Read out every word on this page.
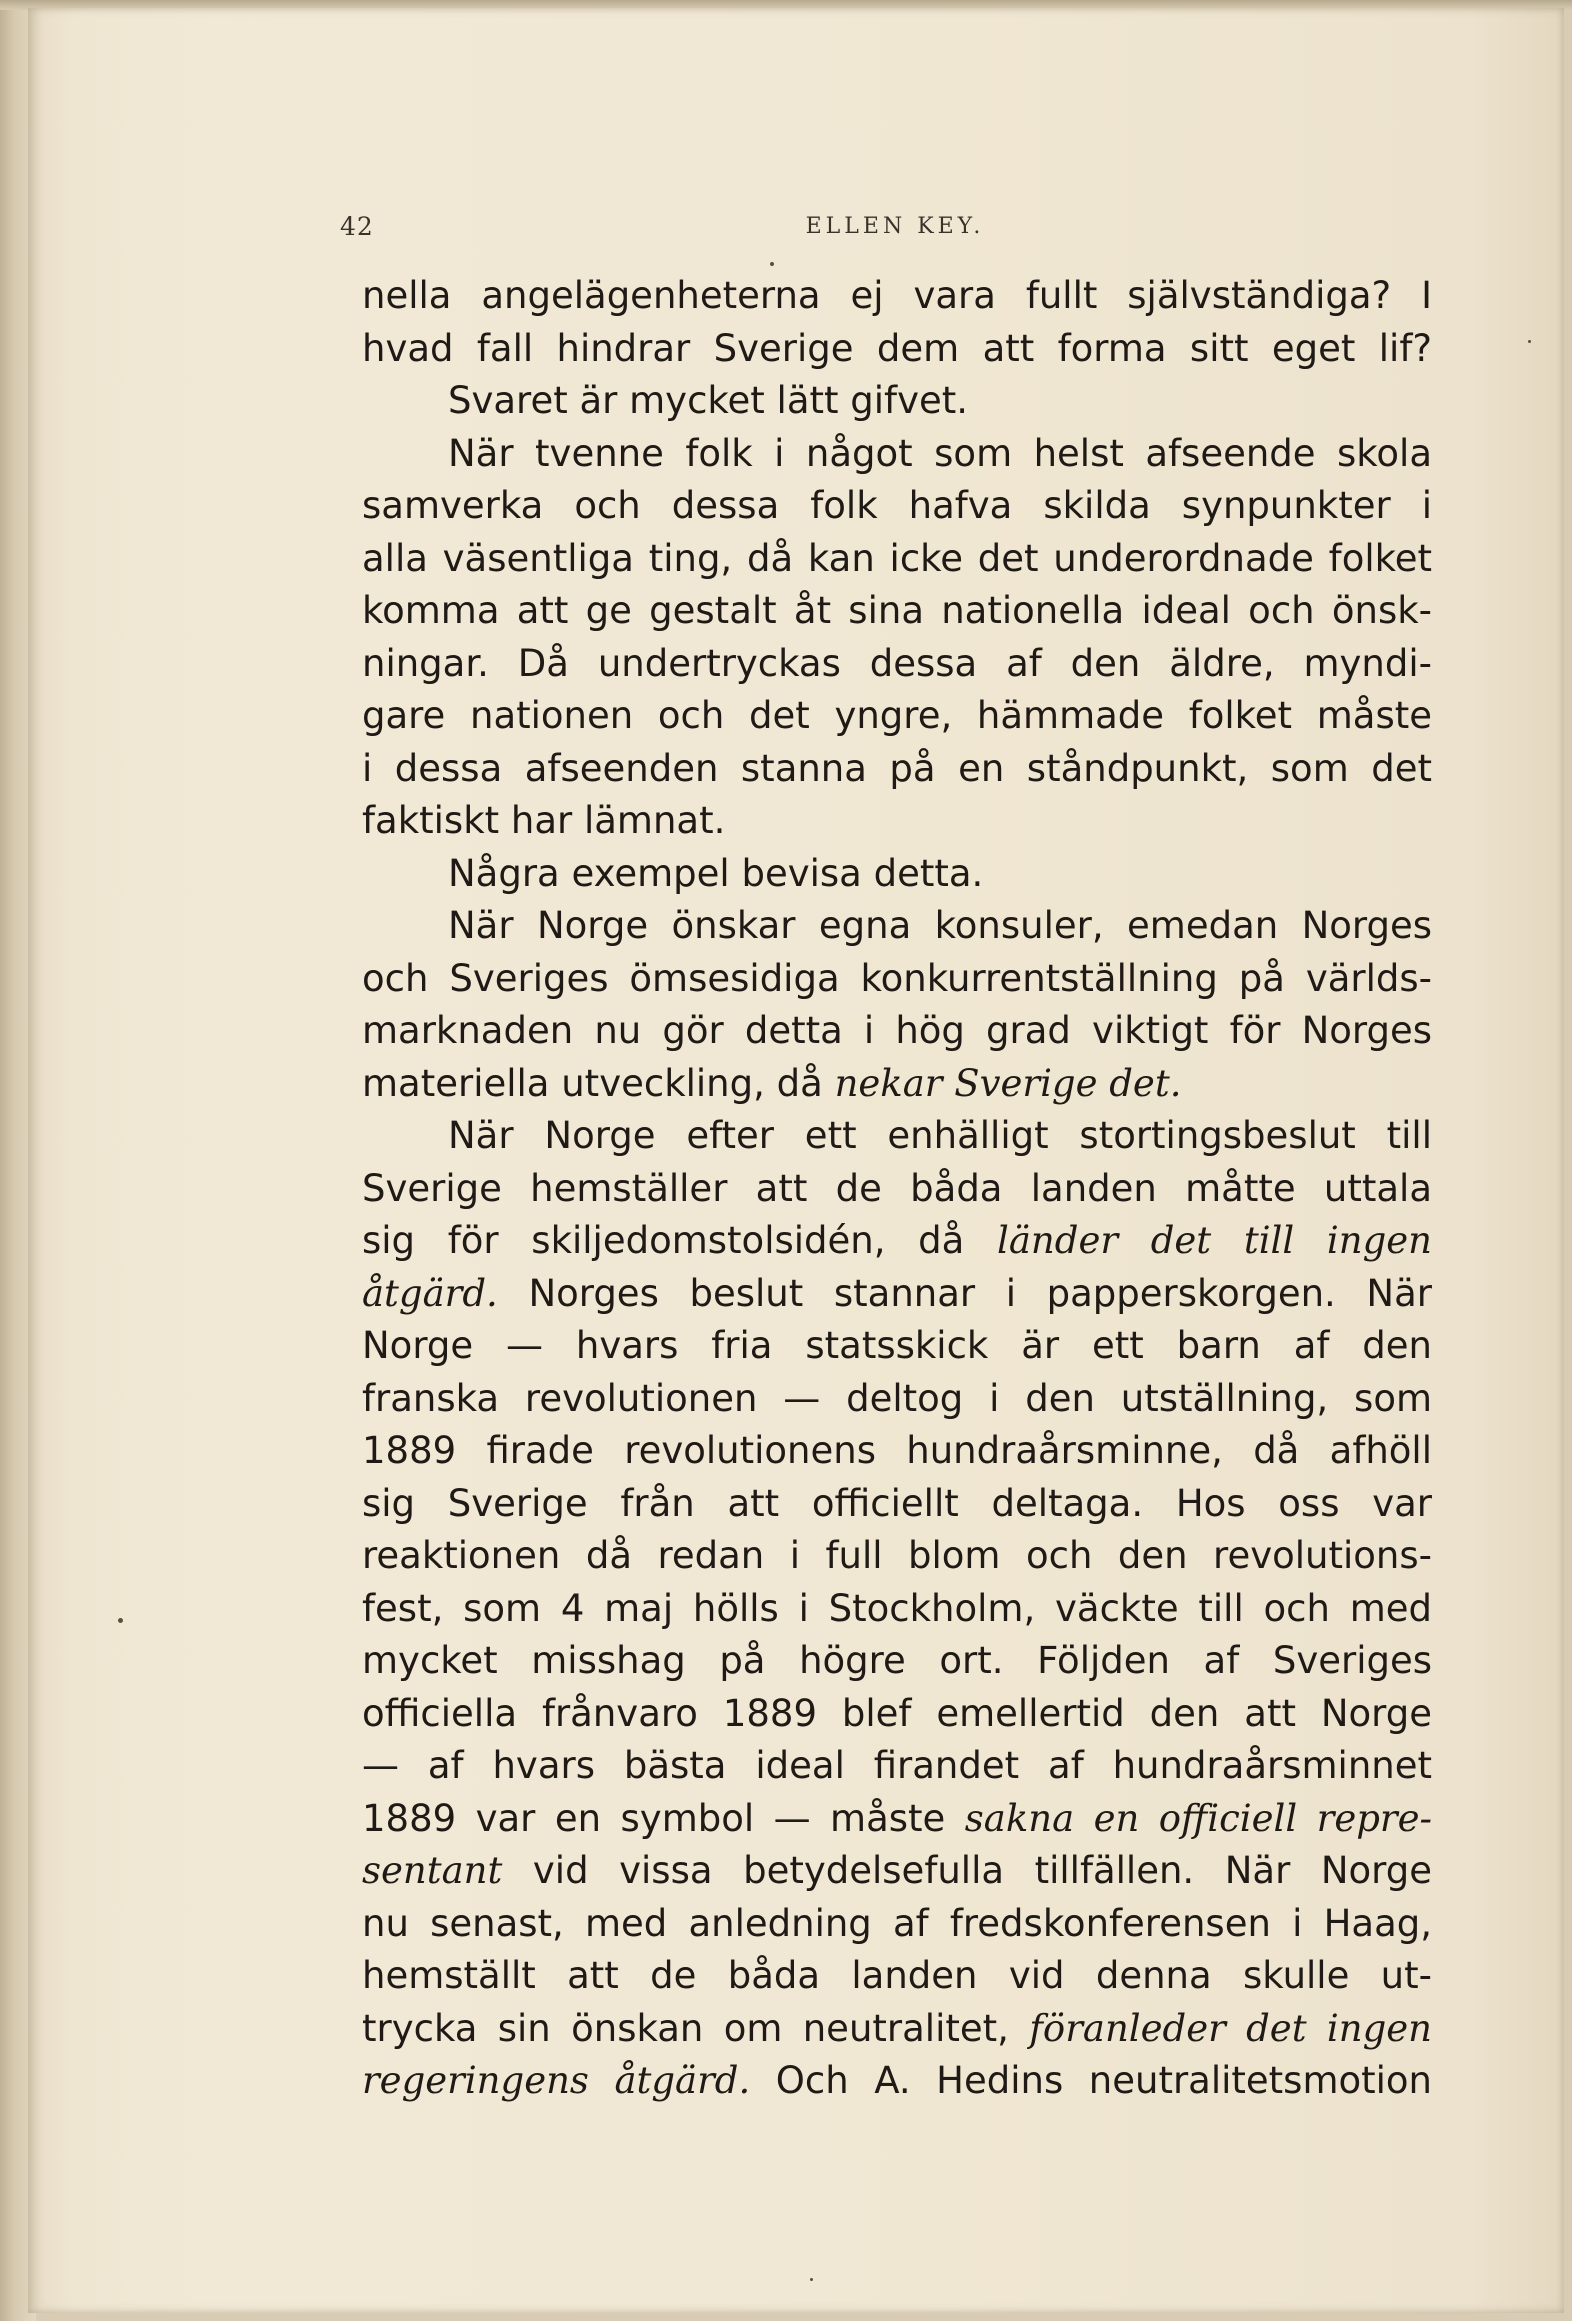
42	ELLEN KEY.
nella angelägenheterna ej vara fullt självständiga? I
hvad fall hindrar Sverige dem att forma sitt eget lif?
Svaret är mycket lätt gifvet.
När tvenne folk i något som helst afseende skola
samverka och dessa folk hafva skilda synpunkter i
alla väsentliga ting, då kan icke det underordnade folket
komma att ge gestalt åt sina nationella ideal och önsk-
ningar. Då undertryckas dessa af den äldre, myndi-
gare nationen och det yngre, hämmade folket måste
i dessa afseenden stanna på en ståndpunkt, som det
faktiskt har lämnat.
Några exempel bevisa detta.
När Norge önskar egna konsuler, emedan Norges
och Sveriges ömsesidiga konkurrentställning på världs-
marknaden nu gör detta i hög grad viktigt för Norges
materiella utveckling, då nekar Sverige det.
När Norge efter ett enhälligt stortingsbeslut till
Sverige hemställer att de båda landen måtte uttala
sig för skiljedomstolsidén, då länder det till ingen
åtgärd. Norges beslut stannar i papperskorgen. När
Norge — hvars fria statsskick är ett barn af den
franska revolutionen — deltog i den utställning, som
1889 firade revolutionens hundraårsminne, då afhöll
sig Sverige från att officiellt deltaga. Hos oss var
reaktionen då redan i full blom och den revolutions-
fest, som 4 maj hölls i Stockholm, väckte till och med
mycket misshag på högre ort. Följden af Sveriges
officiella frånvaro 1889 blef emellertid den att Norge
— af hvars bästa ideal firandet af hundraårsminnet
1889 var en symbol — måste sakna en officiell repre-
sentant vid vissa betydelsefulla tillfällen. När Norge
nu senast, med anledning af fredskonferensen i Haag,
hemställt att de båda landen vid denna skulle ut-
trycka sin önskan om neutralitet, föranleder det ingen
regeringens åtgärd. Och A. Hedins neutralitetsmotion
